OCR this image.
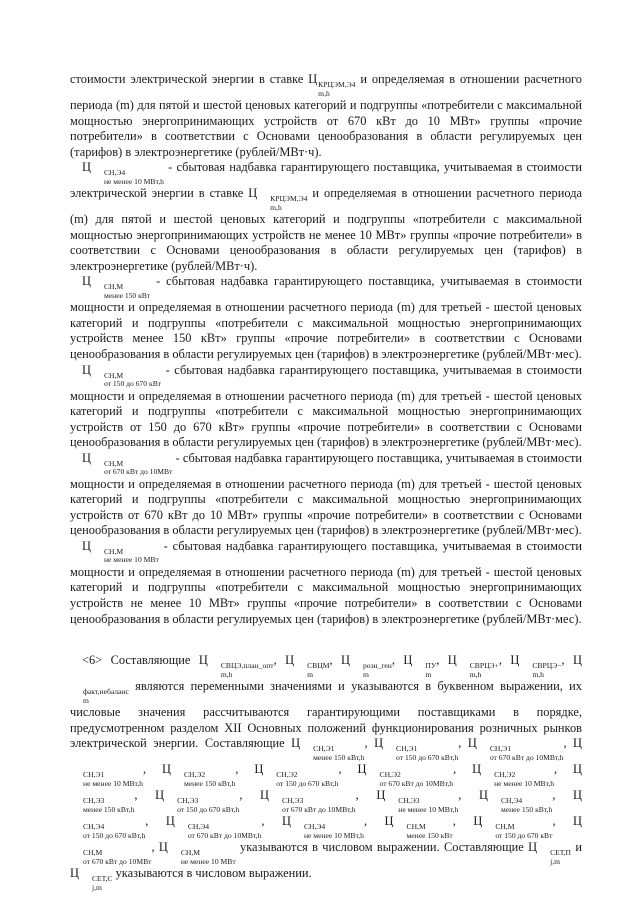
стоимости электрической энергии в ставке Ц КРЦЭМ,Э4
m,h
и определяемая в отношении расчетного периода (m) для пятой и шестой ценовых категорий и подгруппы «потребители с максимальной мощностью энергопринимающих устройств от 670 кВт до 10 МВт» группы «прочие потребители» в соответствии с Основами ценообразования в области регулируемых цен (тарифов) в электроэнергетике (рублей/МВт·ч).

Ц	СН,Э4
не менее 10 МВт,h
- сбытовая надбавка гарантирующего поставщика, учитываемая в стоимости электрической энергии в ставке Ц	КРЦЭМ,Э4
m,h
и определяемая в отношении расчетного периода (m) для пятой и шестой ценовых категорий и подгруппы «потребители с максимальной мощностью энергопринимающих устройств не менее 10 МВт» группы «прочие потребители» в соответствии с Основами ценообразования в области регулируемых цен (тарифов) в электроэнергетике (рублей/МВт·ч).

Ц	СН,М
менее 150 кВт
- сбытовая надбавка гарантирующего поставщика, учитываемая в стоимости мощности и определяемая в отношении расчетного периода (m) для третьей - шестой ценовых категорий и подгруппы «потребители с максимальной мощностью энергопринимающих устройств менее 150 кВт» группы «прочие потребители» в соответствии с Основами ценообразования в области регулируемых цен (тарифов) в электроэнергетике (рублей/МВт·мес).

Ц	СН,М
от 150 до 670 кВт
- сбытовая надбавка гарантирующего поставщика, учитываемая в стоимости мощности и определяемая в отношении расчетного периода (m) для третьей - шестой ценовых категорий и подгруппы «потребители с максимальной мощностью энергопринимающих устройств от 150 до 670 кВт» группы «прочие потребители» в соответствии с Основами ценообразования в области регулируемых цен (тарифов) в электроэнергетике (рублей/МВт·мес).

Ц	СН,М
от 670 кВт до 10МВт
- сбытовая надбавка гарантирующего поставщика, учитываемая в стоимости мощности и определяемая в отношении расчетного периода (m) для третьей - шестой ценовых категорий и подгруппы «потребители с максимальной мощностью энергопринимающих устройств от 670 кВт до 10 МВт» группы «прочие потребители» в соответствии с Основами ценообразования в области регулируемых цен (тарифов) в электроэнергетике (рублей/МВт·мес).

Ц	СН,М
не менее 10 МВт
- сбытовая надбавка гарантирующего поставщика, учитываемая в стоимости мощности и определяемая в отношении расчетного периода (m) для третьей - шестой ценовых категорий и подгруппы «потребители с максимальной мощностью энергопринимающих устройств не менее 10 МВт» группы «прочие потребители» в соответствии с Основами ценообразования в области регулируемых цен (тарифов) в электроэнергетике (рублей/МВт·мес).

<6> Составляющие Ц	СВЦЭ,план_опт
m,h
, Ц	СВЦМ
m
, Ц	розн_ген
m
, Ц	ПУ
m
, Ц	СВРЦЭ+
m,h
, Ц	СВРЦЭ−
m,h
, Ц
факт,небаланс
m
являются переменными значениями и указываются в буквенном выражении, их числовые значения рассчитываются гарантирующими поставщиками в порядке, предусмотренном разделом XII Основных положений функционирования розничных рынков электрической энергии. Составляющие Ц	СН,Э1
менее 150 кВт,h
, Ц	СН,Э1
от 150 до 670 кВт,h
, Ц	СН,Э1
от 670 кВт до 10МВт,h
, Ц
СН,Э1
не менее 10 МВт,h
, Ц	СН,Э2
менее 150 кВт,h
, Ц	СН,Э2
от 150 до 670 кВт,h
, Ц	СН,Э2
от 670 кВт до 10МВт,h
, Ц	СН,Э2
не менее 10 МВт,h
, Ц
СН,Э3
менее 150 кВт,h
, Ц	СН,Э3
от 150 до 670 кВт,h
, Ц	СН,Э3
от 670 кВт до 10МВт,h
, Ц	СН,Э3
не менее 10 МВт,h
, Ц	СН,Э4
менее 150 кВт,h
, Ц
СН,Э4
от 150 до 670 кВт,h
, Ц	СН,Э4
от 670 кВт до 10МВт,h
, Ц	СН,Э4
не менее 10 МВт,h
, Ц	СН,М
менее 150 кВт
, Ц	СН,М
от 150 до 670 кВт
, Ц
СН,М
от 670 кВт до 10МВт
, Ц	СН,М
не менее 10 МВт
указываются в числовом выражении. Составляющие Ц	СЕТ,П
j,m
и Ц	СЕТ,С
j,m
указываются в числовом выражении.
